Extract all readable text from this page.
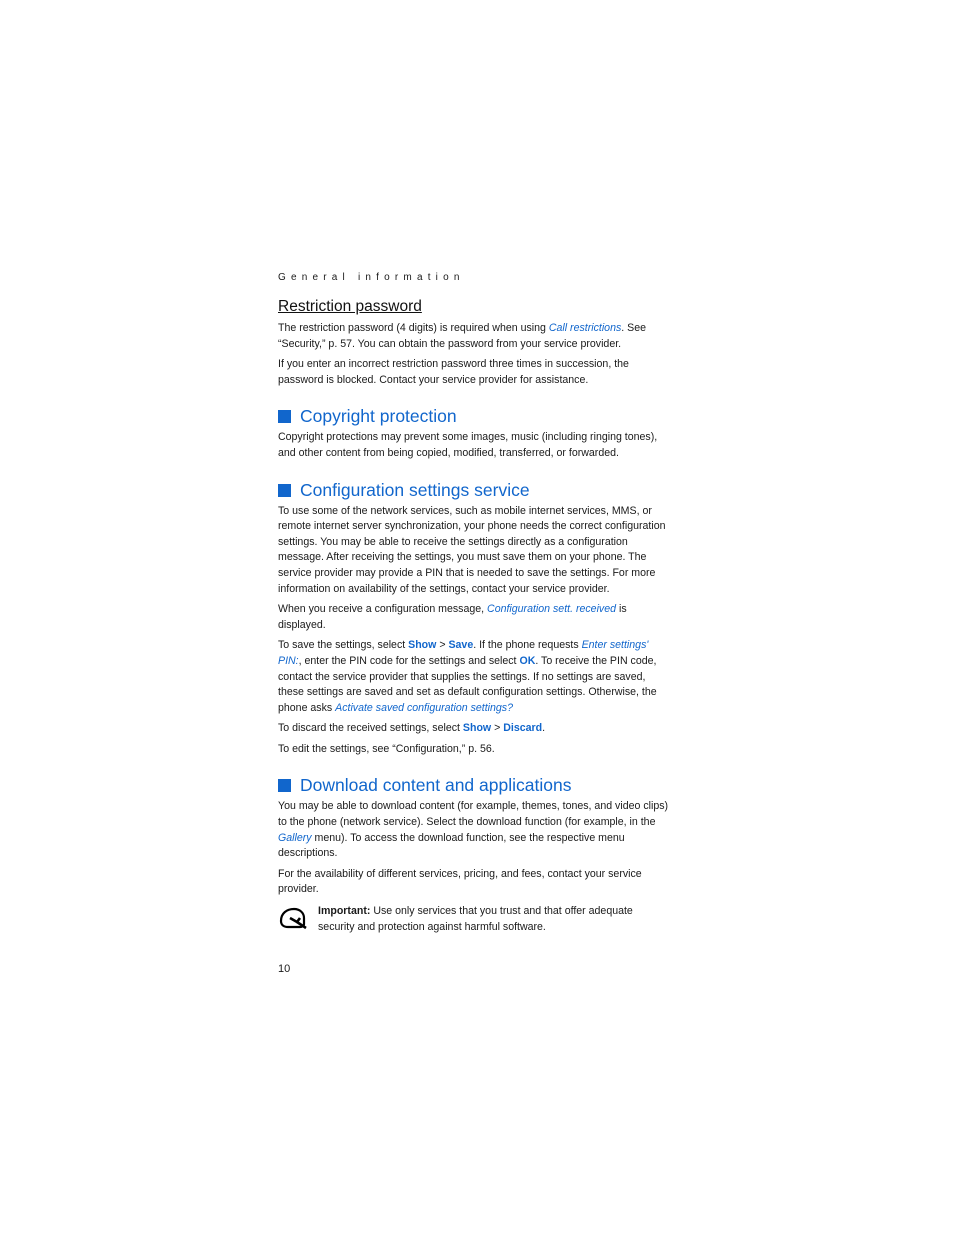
General information
Restriction password

The restriction password (4 digits) is required when using Call restrictions. See “Security,” p. 57. You can obtain the password from your service provider.

If you enter an incorrect restriction password three times in succession, the password is blocked. Contact your service provider for assistance.

Copyright protection

Copyright protections may prevent some images, music (including ringing tones), and other content from being copied, modified, transferred, or forwarded.

Configuration settings service

To use some of the network services, such as mobile internet services, MMS, or remote internet server synchronization, your phone needs the correct configuration settings. You may be able to receive the settings directly as a configuration message. After receiving the settings, you must save them on your phone. The service provider may provide a PIN that is needed to save the settings. For more information on availability of the settings, contact your service provider.

When you receive a configuration message, Configuration sett. received is displayed.

To save the settings, select Show > Save. If the phone requests Enter settings' PIN:, enter the PIN code for the settings and select OK. To receive the PIN code, contact the service provider that supplies the settings. If no settings are saved, these settings are saved and set as default configuration settings. Otherwise, the phone asks Activate saved configuration settings?

To discard the received settings, select Show > Discard.

To edit the settings, see “Configuration,” p. 56.

Download content and applications

You may be able to download content (for example, themes, tones, and video clips) to the phone (network service). Select the download function (for example, in the Gallery menu). To access the download function, see the respective menu descriptions.

For the availability of different services, pricing, and fees, contact your service provider.

Important: Use only services that you trust and that offer adequate security and protection against harmful software.

10
